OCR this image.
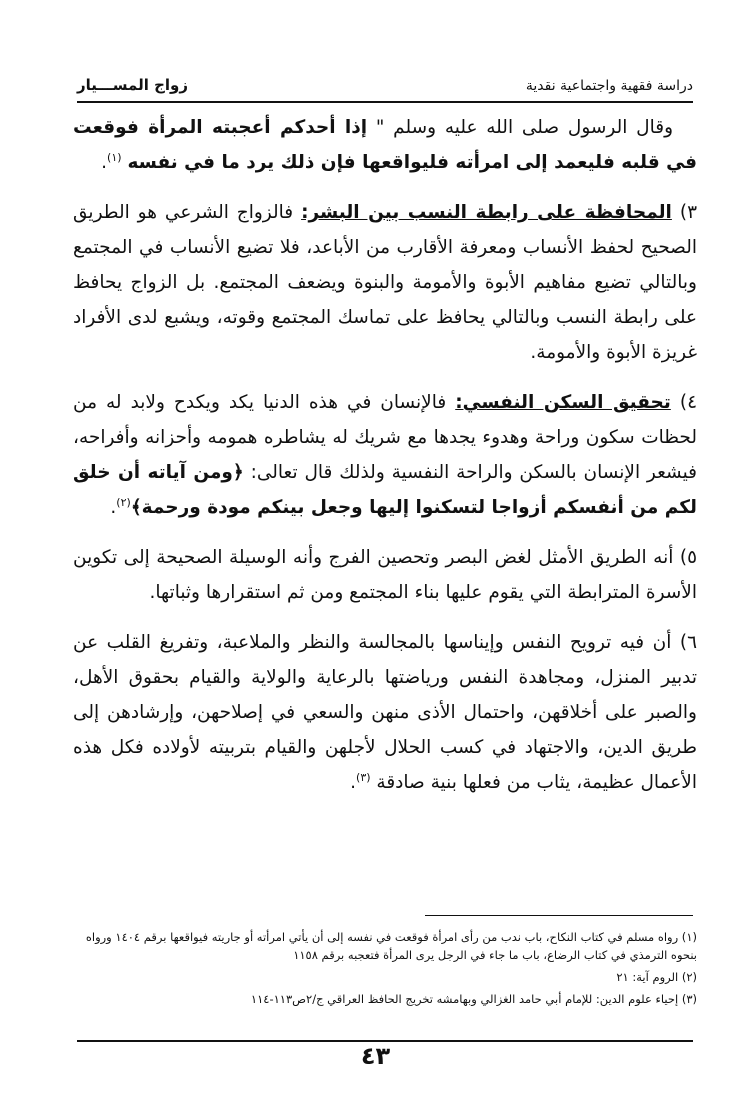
دراسة فقهية واجتماعية نقدية
زواج المســـيار

وقال الرسول صلى الله عليه وسلم " إذا أحدكم أعجبته المرأة فوقعت في قلبه فليعمد إلى امرأته فليواقعها فإن ذلك يرد ما في نفسه $^{(١)}$.

٣) المحافظة على رابطة النسب بين البشر: فالزواج الشرعي هو الطريق الصحيح لحفظ الأنساب ومعرفة الأقارب من الأباعد، فلا تضيع الأنساب في المجتمع وبالتالي تضيع مفاهيم الأبوة والأمومة والبنوة ويضعف المجتمع. بل الزواج يحافظ على رابطة النسب وبالتالي يحافظ على تماسك المجتمع وقوته، ويشبع لدى الأفراد غريزة الأبوة والأمومة.

٤) تحقيق السكن النفسي: فالإنسان في هذه الدنيا يكد ويكدح ولابد له من لحظات سكون وراحة وهدوء يجدها مع شريك له يشاطره همومه وأحزانه وأفراحه، فيشعر الإنسان بالسكن والراحة النفسية ولذلك قال تعالى: ﴿ومن آياته أن خلق لكم من أنفسكم أزواجا لتسكنوا إليها وجعل بينكم مودة ورحمة﴾$^{(٢)}$.

٥) أنه الطريق الأمثل لغض البصر وتحصين الفرج وأنه الوسيلة الصحيحة إلى تكوين الأسرة المترابطة التي يقوم عليها بناء المجتمع ومن ثم استقرارها وثباتها.

٦) أن فيه ترويح النفس وإيناسها بالمجالسة والنظر والملاعبة، وتفريغ القلب عن تدبير المنزل، ومجاهدة النفس ورياضتها بالرعاية والولاية والقيام بحقوق الأهل، والصبر على أخلاقهن، واحتمال الأذى منهن والسعي في إصلاحهن، وإرشادهن إلى طريق الدين، والاجتهاد في كسب الحلال لأجلهن والقيام بتربيته لأولاده فكل هذه الأعمال عظيمة، يثاب من فعلها بنية صادقة $^{(٣)}$.

(١) رواه مسلم في كتاب النكاح، باب ندب من رأى امرأة فوقعت في نفسه إلى أن يأتي امرأته أو جاريته فيواقعها برقم ١٤٠٤ ورواه بنحوه الترمذي في كتاب الرضاع، باب ما جاء في الرجل يرى المرأة فتعجبه برقم ١١٥٨
(٢) الروم آية: ٢١
(٣) إحياء علوم الدين: للإمام أبي حامد الغزالي وبهامشه تخريج الحافظ العراقي ج/٢ص١١٣-١١٤
٤٣
